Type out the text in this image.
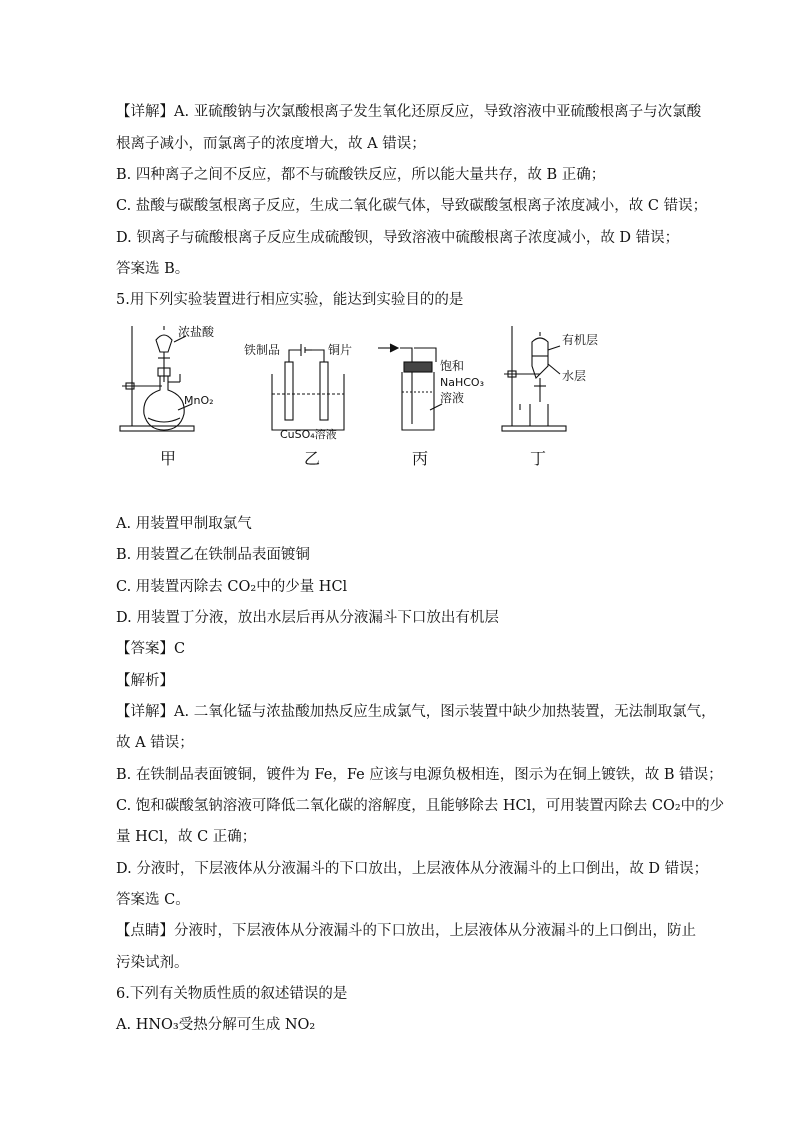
【详解】A. 亚硫酸钠与次氯酸根离子发生氧化还原反应，导致溶液中亚硫酸根离子与次氯酸
根离子减小，而氯离子的浓度增大，故 A 错误；
B. 四种离子之间不反应，都不与硫酸铁反应，所以能大量共存，故 B 正确；
C. 盐酸与碳酸氢根离子反应，生成二氧化碳气体，导致碳酸氢根离子浓度减小，故 C 错误；
D. 钡离子与硫酸根离子反应生成硫酸钡，导致溶液中硫酸根离子浓度减小，故 D 错误；
答案选 B。
5.用下列实验装置进行相应实验，能达到实验目的的是
浓盐酸
MnO₂
铁制品	铜片
CuSO₄溶液
饱和
NaHCO₃
溶液
有机层
水层
甲	乙	丙	丁
A. 用装置甲制取氯气
B. 用装置乙在铁制品表面镀铜
C. 用装置丙除去 CO₂中的少量 HCl
D. 用装置丁分液，放出水层后再从分液漏斗下口放出有机层
【答案】C
【解析】
【详解】A. 二氧化锰与浓盐酸加热反应生成氯气，图示装置中缺少加热装置，无法制取氯气，
故 A 错误；
B. 在铁制品表面镀铜，镀件为 Fe，Fe 应该与电源负极相连，图示为在铜上镀铁，故 B 错误；
C. 饱和碳酸氢钠溶液可降低二氧化碳的溶解度，且能够除去 HCl，可用装置丙除去 CO₂中的少
量 HCl，故 C 正确；
D. 分液时，下层液体从分液漏斗的下口放出，上层液体从分液漏斗的上口倒出，故 D 错误；
答案选 C。
【点睛】分液时，下层液体从分液漏斗的下口放出，上层液体从分液漏斗的上口倒出，防止
污染试剂。
6.下列有关物质性质的叙述错误的是
A. HNO₃受热分解可生成 NO₂
